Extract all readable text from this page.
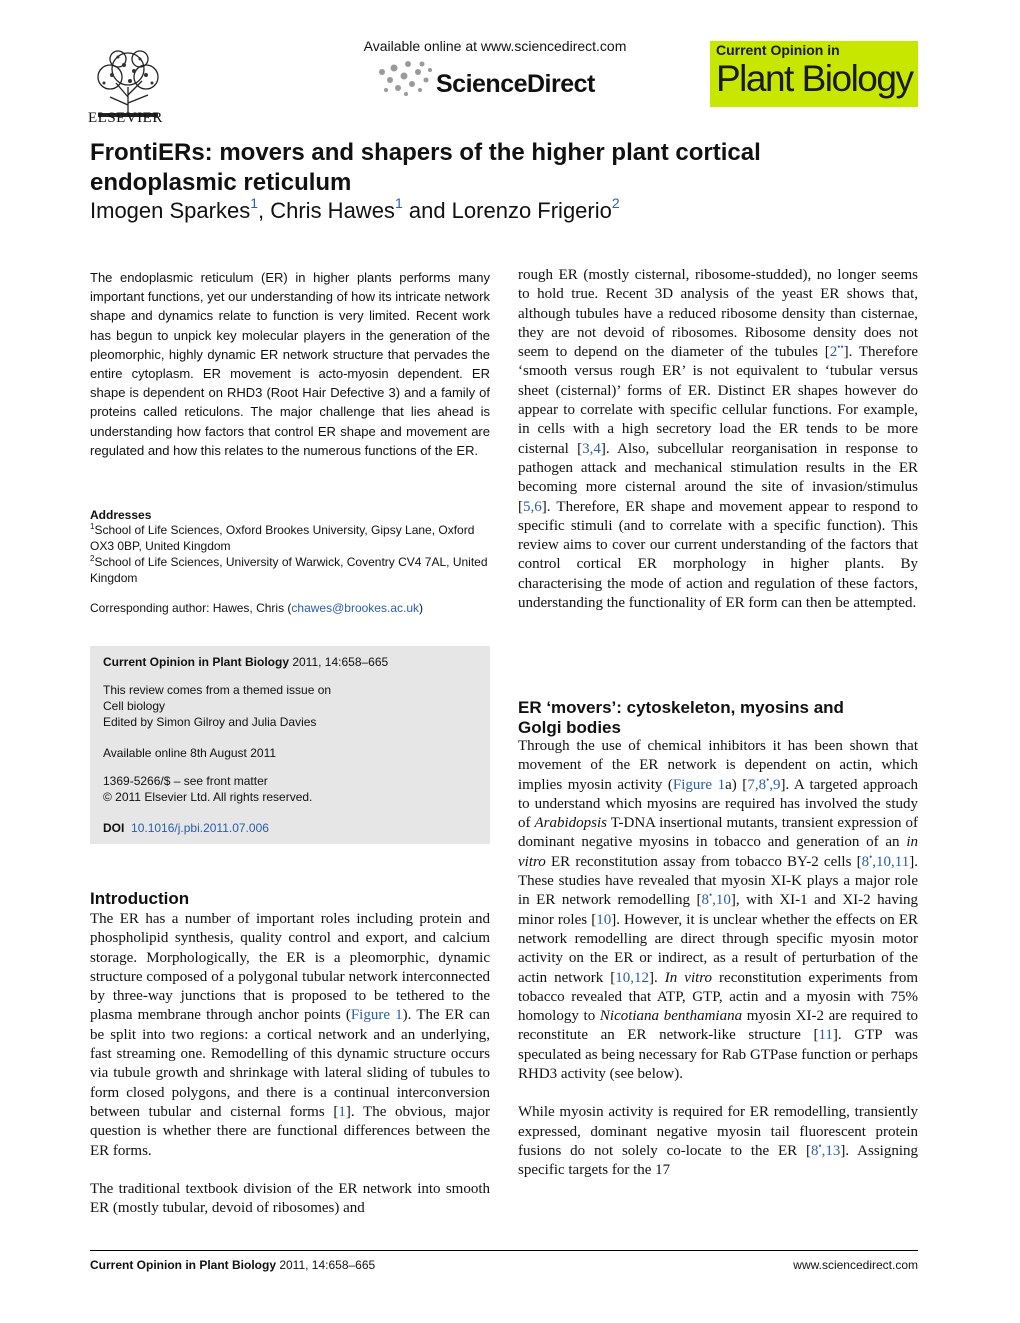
ELSEVIER
Available online at www.sciencedirect.com
ScienceDirect
Current Opinion in
Plant Biology
FrontiERs: movers and shapers of the higher plant cortical
endoplasmic reticulum
Imogen Sparkes$^1$, Chris Hawes$^1$ and Lorenzo Frigerio$^2$
The endoplasmic reticulum (ER) in higher plants performs many important functions, yet our understanding of how its intricate network shape and dynamics relate to function is very limited. Recent work has begun to unpick key molecular players in the generation of the pleomorphic, highly dynamic ER network structure that pervades the entire cytoplasm. ER movement is acto-myosin dependent. ER shape is dependent on RHD3 (Root Hair Defective 3) and a family of proteins called reticulons. The major challenge that lies ahead is understanding how factors that control ER shape and movement are regulated and how this relates to the numerous functions of the ER.
Addresses
$^1$School of Life Sciences, Oxford Brookes University, Gipsy Lane, Oxford OX3 0BP, United Kingdom
$^2$School of Life Sciences, University of Warwick, Coventry CV4 7AL, United Kingdom
Corresponding author: Hawes, Chris (chawes@brookes.ac.uk)
Current Opinion in Plant Biology 2011, 14:658–665
This review comes from a themed issue on
Cell biology
Edited by Simon Gilroy and Julia Davies
Available online 8th August 2011
1369-5266/$ – see front matter
© 2011 Elsevier Ltd. All rights reserved.
DOI 10.1016/j.pbi.2011.07.006
Introduction

The ER has a number of important roles including protein and phospholipid synthesis, quality control and export, and calcium storage. Morphologically, the ER is a pleomorphic, dynamic structure composed of a polygonal tubular network interconnected by three-way junctions that is proposed to be tethered to the plasma membrane through anchor points (Figure 1). The ER can be split into two regions: a cortical network and an underlying, fast streaming one. Remodelling of this dynamic structure occurs via tubule growth and shrinkage with lateral sliding of tubules to form closed polygons, and there is a continual interconversion between tubular and cisternal forms [1]. The obvious, major question is whether there are functional differences between the ER forms.

The traditional textbook division of the ER network into smooth ER (mostly tubular, devoid of ribosomes) and

rough ER (mostly cisternal, ribosome-studded), no longer seems to hold true. Recent 3D analysis of the yeast ER shows that, although tubules have a reduced ribosome density than cisternae, they are not devoid of ribosomes. Ribosome density does not seem to depend on the diameter of the tubules [2••]. Therefore ‘smooth versus rough ER’ is not equivalent to ‘tubular versus sheet (cisternal)’ forms of ER. Distinct ER shapes however do appear to correlate with specific cellular functions. For example, in cells with a high secretory load the ER tends to be more cisternal [3,4]. Also, subcellular reorganisation in response to pathogen attack and mechanical stimulation results in the ER becoming more cisternal around the site of invasion/stimulus [5,6]. Therefore, ER shape and movement appear to respond to specific stimuli (and to correlate with a specific function). This review aims to cover our current understanding of the factors that control cortical ER morphology in higher plants. By characterising the mode of action and regulation of these factors, understanding the functionality of ER form can then be attempted.

ER ‘movers’: cytoskeleton, myosins and
Golgi bodies

Through the use of chemical inhibitors it has been shown that movement of the ER network is dependent on actin, which implies myosin activity (Figure 1a) [7,8•,9]. A targeted approach to understand which myosins are required has involved the study of Arabidopsis T-DNA insertional mutants, transient expression of dominant negative myosins in tobacco and generation of an in vitro ER reconstitution assay from tobacco BY-2 cells [8•,10,11]. These studies have revealed that myosin XI-K plays a major role in ER network remodelling [8•,10], with XI-1 and XI-2 having minor roles [10]. However, it is unclear whether the effects on ER network remodelling are direct through specific myosin motor activity on the ER or indirect, as a result of perturbation of the actin network [10,12]. In vitro reconstitution experiments from tobacco revealed that ATP, GTP, actin and a myosin with 75% homology to Nicotiana benthamiana myosin XI-2 are required to reconstitute an ER network-like structure [11]. GTP was speculated as being necessary for Rab GTPase function or perhaps RHD3 activity (see below).

While myosin activity is required for ER remodelling, transiently expressed, dominant negative myosin tail fluorescent protein fusions do not solely co-locate to the ER [8•,13]. Assigning specific targets for the 17

Current Opinion in Plant Biology 2011, 14:658–665	www.sciencedirect.com
